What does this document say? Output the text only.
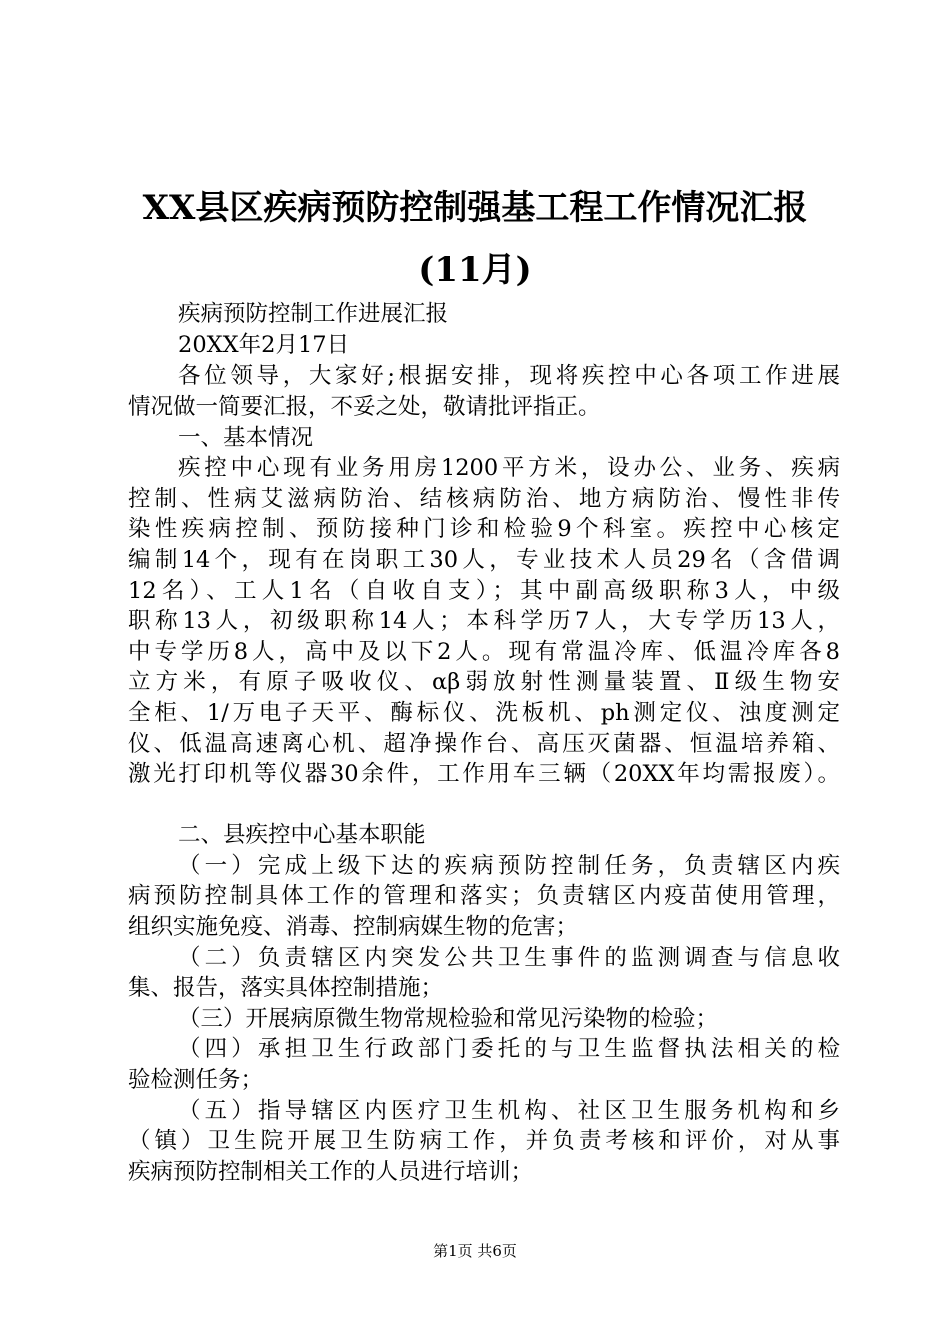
XX县区疾病预防控制强基工程工作情况汇报
(11月)
疾病预防控制工作进展汇报
20XX年2月17日
各位领导，大家好;根据安排，现将疾控中心各项工作进展
情况做一简要汇报，不妥之处，敬请批评指正。
一、基本情况
疾控中心现有业务用房1200平方米，设办公、业务、疾病
控制、性病艾滋病防治、结核病防治、地方病防治、慢性非传
染性疾病控制、预防接种门诊和检验9个科室。疾控中心核定
编制14个，现有在岗职工30人，专业技术人员29名（含借调
12名）、工人1名（自收自支）；其中副高级职称3人，中级
职称13人，初级职称14人；本科学历7人，大专学历13人，
中专学历8人，高中及以下2人。现有常温冷库、低温冷库各8
立方米，有原子吸收仪、αβ弱放射性测量装置、Ⅱ级生物安
全柜、1/万电子天平、酶标仪、洗板机、ph测定仪、浊度测定
仪、低温高速离心机、超净操作台、高压灭菌器、恒温培养箱、
激光打印机等仪器30余件，工作用车三辆（20XX年均需报废）。
二、县疾控中心基本职能
（一）完成上级下达的疾病预防控制任务，负责辖区内疾
病预防控制具体工作的管理和落实；负责辖区内疫苗使用管理，
组织实施免疫、消毒、控制病媒生物的危害；
（二）负责辖区内突发公共卫生事件的监测调查与信息收
集、报告，落实具体控制措施；
（三）开展病原微生物常规检验和常见污染物的检验；
（四）承担卫生行政部门委托的与卫生监督执法相关的检
验检测任务；
（五）指导辖区内医疗卫生机构、社区卫生服务机构和乡
（镇）卫生院开展卫生防病工作，并负责考核和评价，对从事
疾病预防控制相关工作的人员进行培训；
第1页 共6页
